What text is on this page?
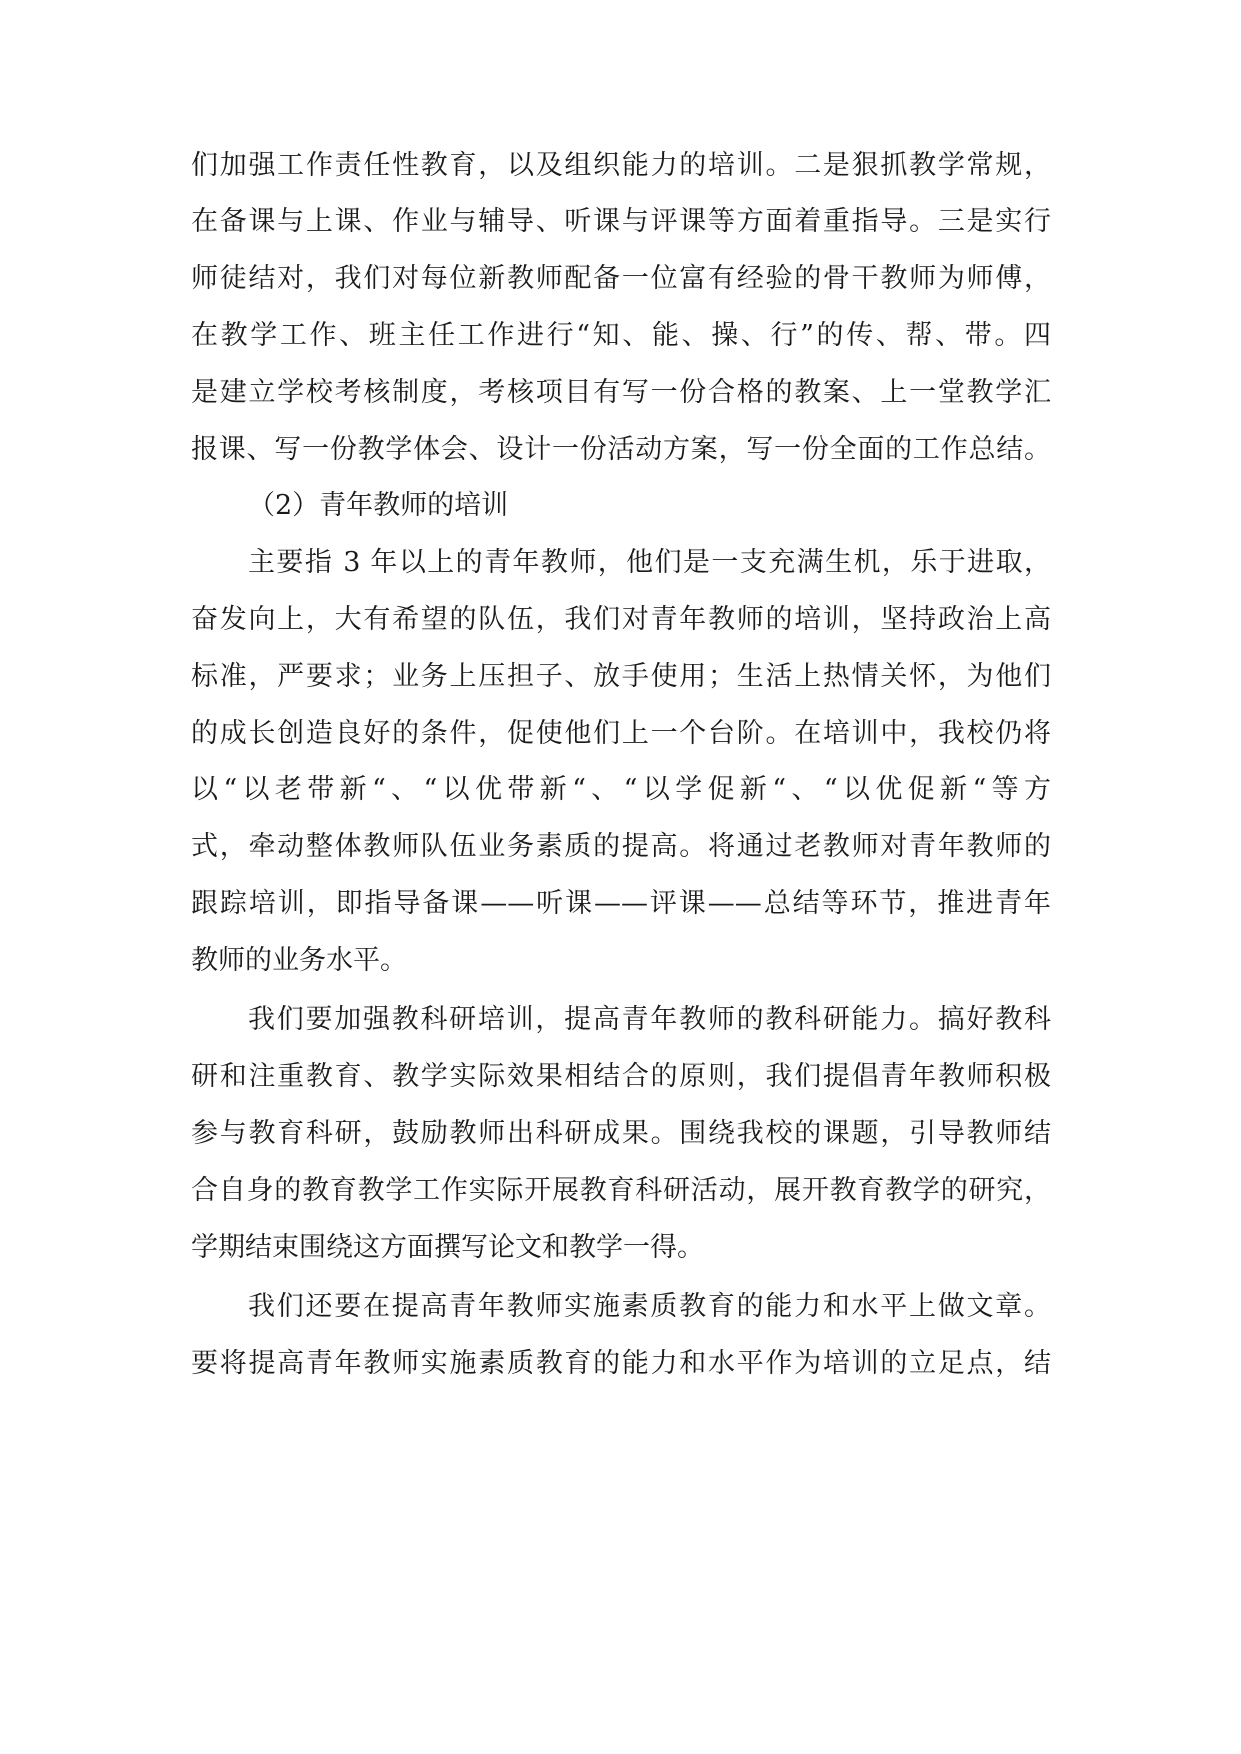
们加强工作责任性教育，以及组织能力的培训。二是狠抓教学常规，
在备课与上课、作业与辅导、听课与评课等方面着重指导。三是实行
师徒结对，我们对每位新教师配备一位富有经验的骨干教师为师傅，
在教学工作、班主任工作进行“知、能、操、行”的传、帮、带。四
是建立学校考核制度，考核项目有写一份合格的教案、上一堂教学汇
报课、写一份教学体会、设计一份活动方案，写一份全面的工作总结。
（2）青年教师的培训
主要指 3 年以上的青年教师，他们是一支充满生机，乐于进取，
奋发向上，大有希望的队伍，我们对青年教师的培训，坚持政治上高
标准，严要求；业务上压担子、放手使用；生活上热情关怀，为他们
的成长创造良好的条件，促使他们上一个台阶。在培训中，我校仍将
以“以老带新“、“以优带新“、“以学促新“、“以优促新“等方
式，牵动整体教师队伍业务素质的提高。将通过老教师对青年教师的
跟踪培训，即指导备课——听课——评课——总结等环节，推进青年
教师的业务水平。
我们要加强教科研培训，提高青年教师的教科研能力。搞好教科
研和注重教育、教学实际效果相结合的原则，我们提倡青年教师积极
参与教育科研，鼓励教师出科研成果。围绕我校的课题，引导教师结
合自身的教育教学工作实际开展教育科研活动，展开教育教学的研究，
学期结束围绕这方面撰写论文和教学一得。
我们还要在提高青年教师实施素质教育的能力和水平上做文章。
要将提高青年教师实施素质教育的能力和水平作为培训的立足点，结
